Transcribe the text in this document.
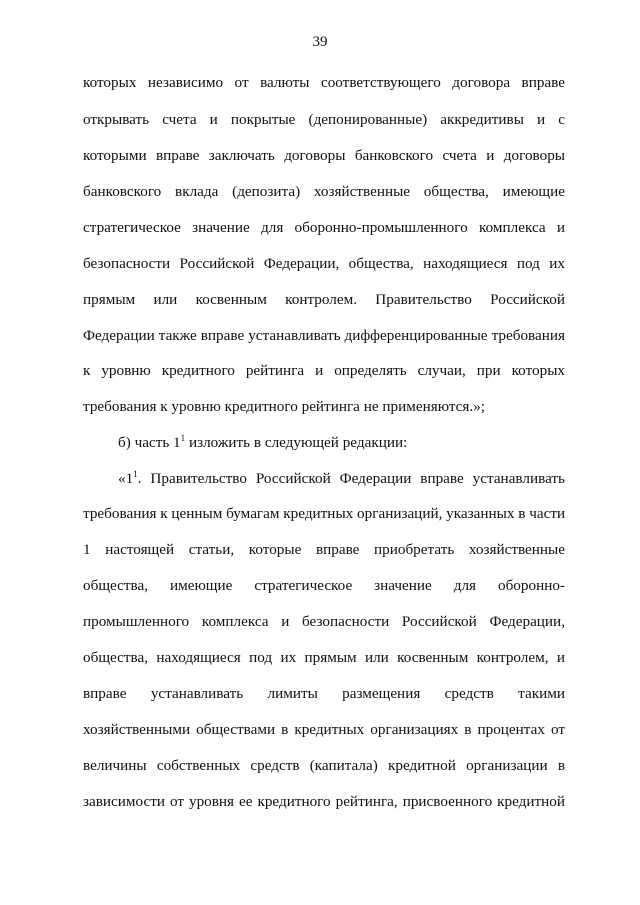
39
которых независимо от валюты соответствующего договора вправе
открывать счета и покрытые (депонированные) аккредитивы и с
которыми вправе заключать договоры банковского счета и договоры
банковского вклада (депозита) хозяйственные общества, имеющие
стратегическое значение для оборонно-промышленного комплекса и
безопасности Российской Федерации, общества, находящиеся под их
прямым или косвенным контролем. Правительство Российской
Федерации также вправе устанавливать дифференцированные требования
к уровню кредитного рейтинга и определять случаи, при которых
требования к уровню кредитного рейтинга не применяются.»;
б) часть $1^1$ изложить в следующей редакции:
«$1^1$. Правительство Российской Федерации вправе устанавливать
требования к ценным бумагам кредитных организаций, указанных в части
1 настоящей статьи, которые вправе приобретать хозяйственные
общества, имеющие стратегическое значение для оборонно-
промышленного комплекса и безопасности Российской Федерации,
общества, находящиеся под их прямым или косвенным контролем, и
вправе устанавливать лимиты размещения средств такими
хозяйственными обществами в кредитных организациях в процентах от
величины собственных средств (капитала) кредитной организации в
зависимости от уровня ее кредитного рейтинга, присвоенного кредитной
